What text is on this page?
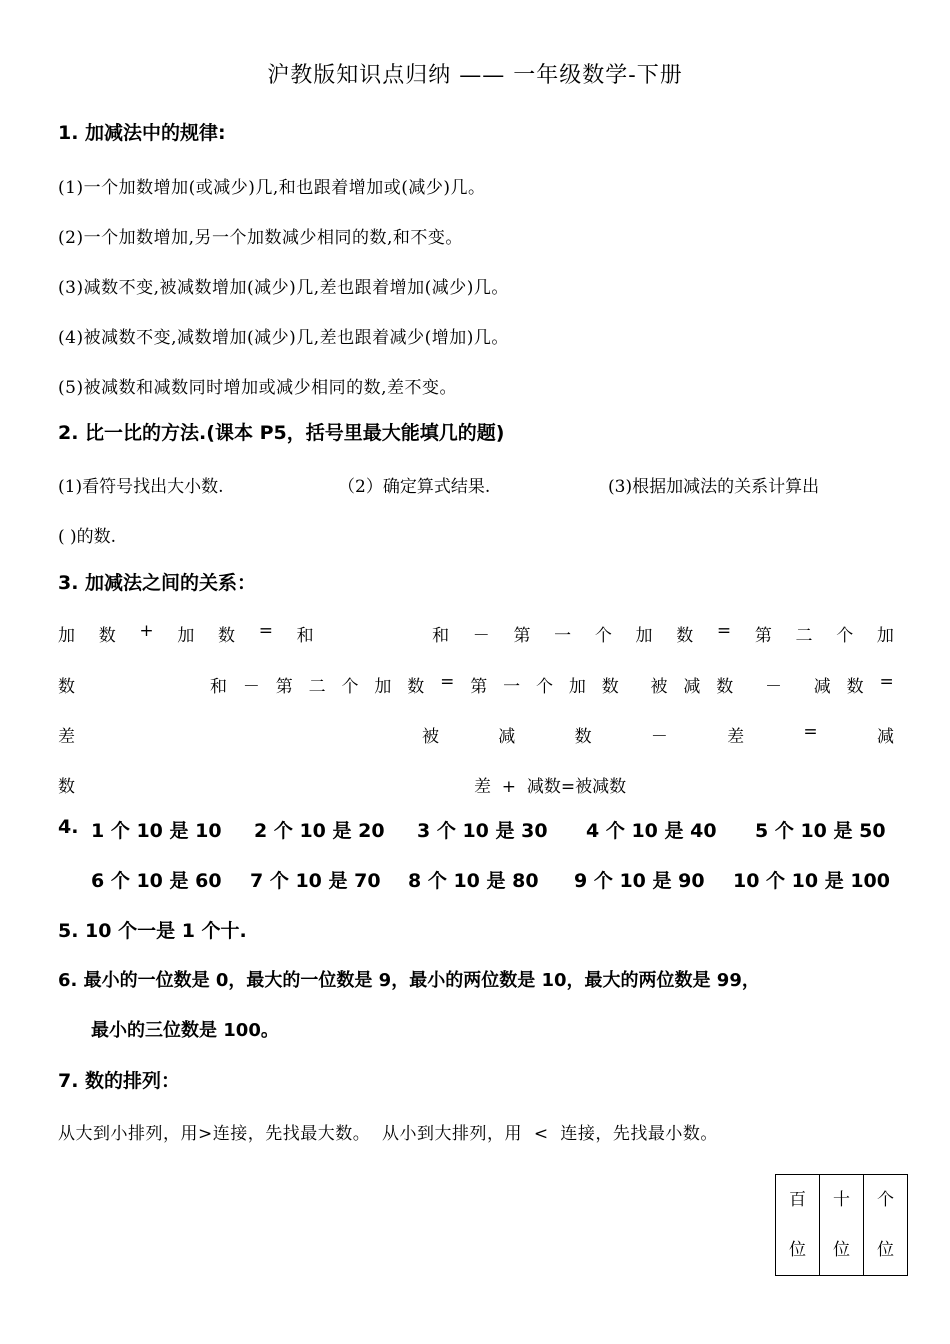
沪教版知识点归纳 —— 一年级数学-下册
1. 加减法中的规律:
(1)一个加数增加(或减少)几,和也跟着增加或(减少)几。
(2)一个加数增加,另一个加数减少相同的数,和不变。
(3)减数不变,被减数增加(减少)几,差也跟着增加(减少)几。
(4)被减数不变,减数增加(减少)几,差也跟着减少(增加)几。
(5)被减数和减数同时增加或减少相同的数,差不变。
2. 比一比的方法.(课本 P5，括号里最大能填几的题)
(1)看符号找出大小数.	（2）确定算式结果.	(3)根据加减法的关系计算出
( )的数.
3. 加减法之间的关系：
加 数 + 加 数 = 和	和 － 第 一 个 加 数 = 第 二 个 加
数	和 － 第 二 个 加 数 = 第 一 个 加 数 被 减 数 － 减 数 =
差	被	减	数	－	差	=	减
数	差  +  减数=被减数
4. 1 个 10 是 10 2 个 10 是 20 3 个 10 是 30 4 个 10 是 40 5 个 10 是 50
6 个 10 是 60 7 个 10 是 70 8 个 10 是 80 9 个 10 是 90 10 个 10 是 100
5. 10 个一是 1 个十.
6. 最小的一位数是 0，最大的一位数是 9，最小的两位数是 10，最大的两位数是 99，
最小的三位数是 100。
7. 数的排列：
从大到小排列，用>连接，先找最大数。  从小到大排列，用  <  连接，先找最小数。
百
位

十
位

个
位
